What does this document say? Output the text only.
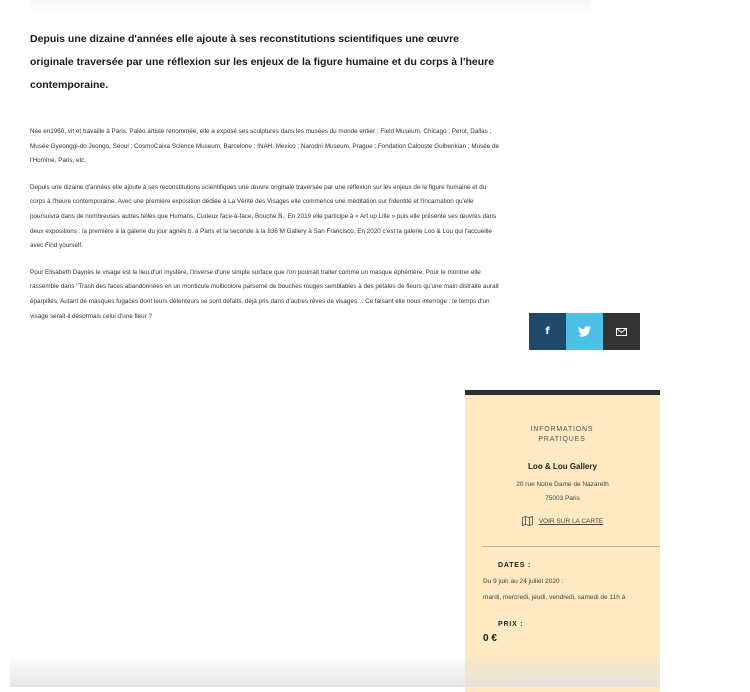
Depuis une dizaine d'années elle ajoute à ses reconstitutions scientifiques une œuvre originale traversée par une réflexion sur les enjeux de la figure humaine et du corps à l'heure contemporaine.

Née en1960, vit et travaille à Paris. Paléo artiste renommée, elle a exposé ses sculptures dans les musées du monde entier : Field Museum, Chicago ; Perot, Dallas ; Musée Gyeonggi-do Jeongo, Séoul ; CosmoCaixa Science Museum, Barcelone ; INAH, Mexico ; Narodni Museum, Prague ; Fondation Calouste Gulbenkian ; Musée de l'Homme, Paris, etc.

Depuis une dizaine d'années elle ajoute à ses reconstitutions scientifiques une œuvre originale traversée par une réflexion sur les enjeux de la figure humaine et du corps à l'heure contemporaine. Avec une première exposition dédiée à La Vérité des Visages elle commence une méditation sur l'identité et l'incarnation qu'elle poursuivra dans de nombreuses autres telles que Humans, Curieux face-à-face, Bouche B.. En 2019 elle participe à « Art up Lille » puis elle présente ses œuvres dans deux expositions : la première à la galerie du jour agnès b. à Paris et la seconde à la 836 M Gallery à San Francisco. En 2020 c'est la galerie Loo & Lou qui l'accueille avec Find yourself.

Pour Elisabeth Daynès le visage est le lieu d'un mystère, l'inverse d'une simple surface que l'on pourrait traiter comme un masque éphémère. Pour le montrer elle rassemble dans "Trash des faces abandonnées en un monticule multicolore parsemé de bouches rouges semblables à des pétales de fleurs qu'une main distraite aurait éparpillés. Autant de masques fugaces dont leurs détenteurs se sont défaits, déjà pris dans d'autres rêves de visages… Ce faisant elle nous interroge : le temps d'un visage serait-il désormais celui d'une fleur ?

f
INFORMATIONS PRATIQUES
Loo & Lou Gallery
20 rue Notre Dame de Nazareth
75003 Paris
VOIR SUR LA CARTE
DATES :
Du 9 juin au 24 juillet 2020 :
mardi, mercredi, jeudi, vendredi, samedi de 11h à
PRIX :
0 €
